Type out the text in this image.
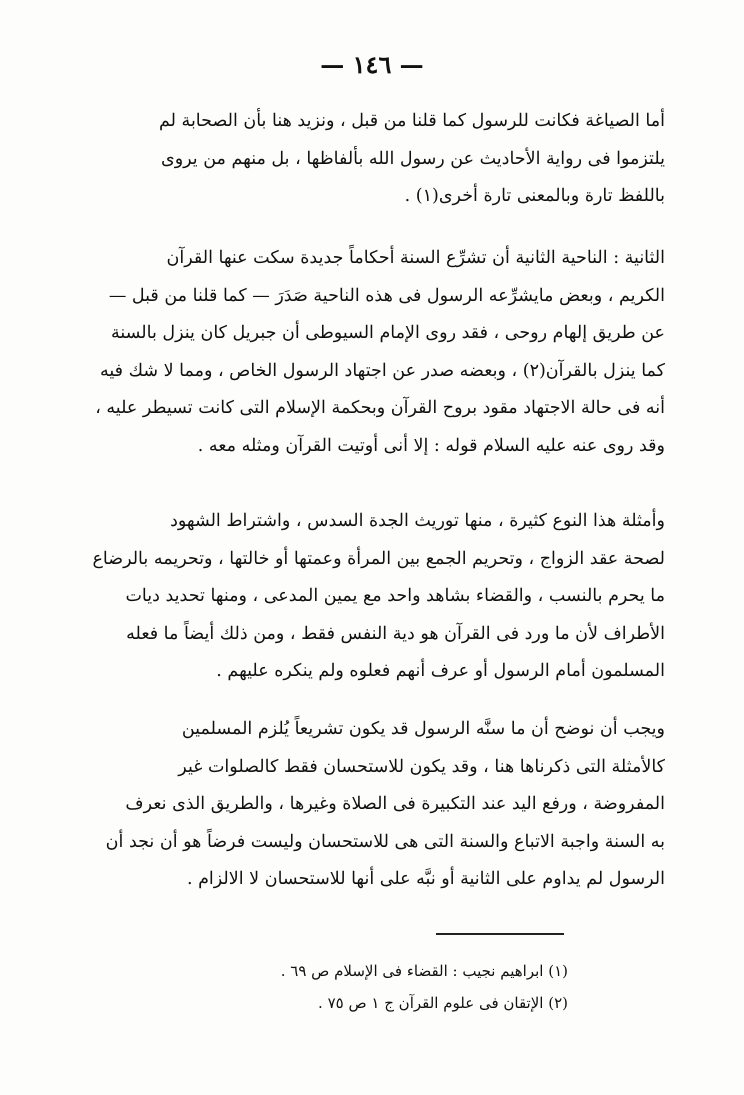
— ١٤٦ —
أما الصياغة فكانت للرسول كما قلنا من قبل ، ونزيد هنا بأن الصحابة لم
يلتزموا فى رواية الأحاديث عن رسول الله بألفاظها ، بل منهم من يروى
باللفظ تارة وبالمعنى تارة أخرى(١) .
الثانية : الناحية الثانية أن تشرِّع السنة أحكاماً جديدة سكت عنها القرآن
الكريم ، وبعض مايشرِّعه الرسول فى هذه الناحية صَدَرَ — كما قلنا من قبل —
عن طريق إلهام روحى ، فقد روى الإمام السيوطى أن جبريل كان ينزل بالسنة
كما ينزل بالقرآن(٢) ، وبعضه صدر عن اجتهاد الرسول الخاص ، ومما لا شك فيه
أنه فى حالة الاجتهاد مقود بروح القرآن وبحكمة الإسلام التى كانت تسيطر عليه ،
وقد روى عنه عليه السلام قوله : إلا أنى أوتيت القرآن ومثله معه .
وأمثلة هذا النوع كثيرة ، منها توريث الجدة السدس ، واشتراط الشهود
لصحة عقد الزواج ، وتحريم الجمع بين المرأة وعمتها أو خالتها ، وتحريمه بالرضاع
ما يحرم بالنسب ، والقضاء بشاهد واحد مع يمين المدعى ، ومنها تحديد ديات
الأطراف لأن ما ورد فى القرآن هو دية النفس فقط ، ومن ذلك أيضاً ما فعله
المسلمون أمام الرسول أو عرف أنهم فعلوه ولم ينكره عليهم .
ويجب أن نوضح أن ما سنَّه الرسول قد يكون تشريعاً يُلزم المسلمين
كالأمثلة التى ذكرناها هنا ، وقد يكون للاستحسان فقط كالصلوات غير
المفروضة ، ورفع اليد عند التكبيرة فى الصلاة وغيرها ، والطريق الذى نعرف
به السنة واجبة الاتباع والسنة التى هى للاستحسان وليست فرضاً هو أن نجد أن
الرسول لم يداوم على الثانية أو نبَّه على أنها للاستحسان لا الالزام .
(١) ابراهيم نجيب : القضاء فى الإسلام ص ٦٩ .
(٢) الإتقان فى علوم القرآن ج ١ ص ٧٥ .
